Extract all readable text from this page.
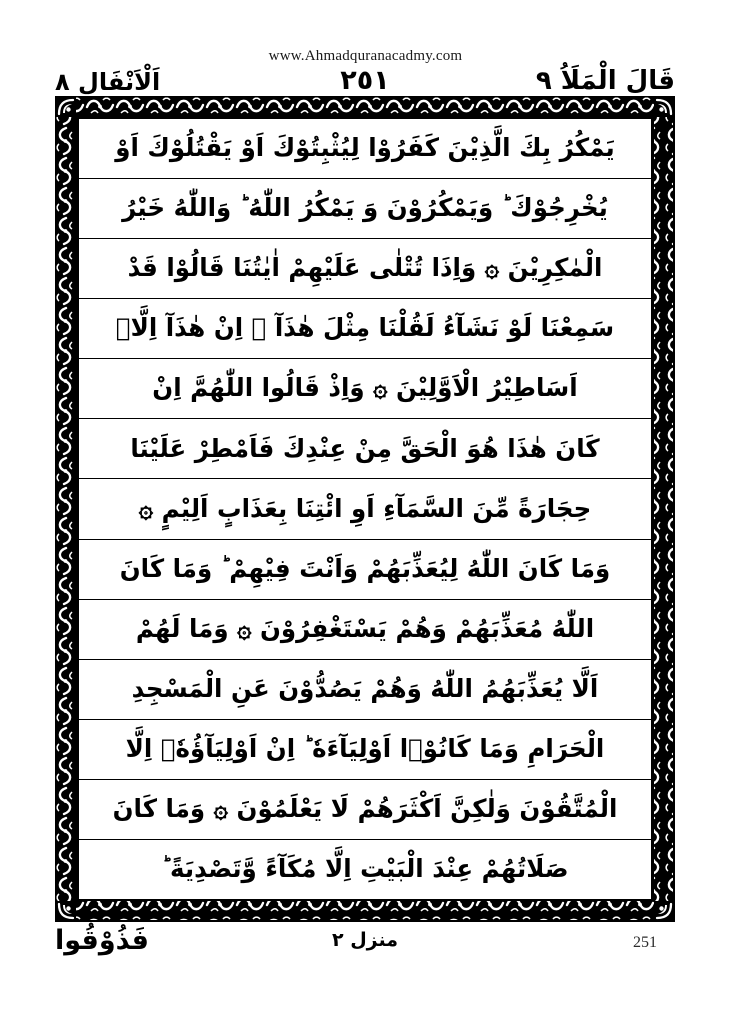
www.Ahmadquranacadmy.com
اَلْاَنْفَال ٨	٢٥١	قَالَ الْمَلَاُ ٩
يَمْكُرُ بِكَ الَّذِيْنَ كَفَرُوْا لِيُثْبِتُوْكَ اَوْ يَقْتُلُوْكَ اَوْ
يُخْرِجُوْكَ ؕ وَيَمْكُرُوْنَ وَ يَمْكُرُ اللّٰهُ ؕ وَاللّٰهُ خَيْرُ
الْمٰكِرِيْنَ ۞ وَاِذَا تُتْلٰى عَلَيْهِمْ اٰيٰتُنَا قَالُوْا قَدْ
سَمِعْنَا لَوْ نَشَآءُ لَقُلْنَا مِثْلَ هٰذَآ ۙ اِنْ هٰذَآ اِلَّاۤ
اَسَاطِيْرُ الْاَوَّلِيْنَ ۞ وَاِذْ قَالُوا اللّٰهُمَّ اِنْ
كَانَ هٰذَا هُوَ الْحَقَّ مِنْ عِنْدِكَ فَاَمْطِرْ عَلَيْنَا
حِجَارَةً مِّنَ السَّمَآءِ اَوِ ائْتِنَا بِعَذَابٍ اَلِيْمٍ ۞
وَمَا كَانَ اللّٰهُ لِيُعَذِّبَهُمْ وَاَنْتَ فِيْهِمْ ؕ وَمَا كَانَ
اللّٰهُ مُعَذِّبَهُمْ وَهُمْ يَسْتَغْفِرُوْنَ ۞ وَمَا لَهُمْ
اَلَّا يُعَذِّبَهُمُ اللّٰهُ وَهُمْ يَصُدُّوْنَ عَنِ الْمَسْجِدِ
الْحَرَامِ وَمَا كَانُوْۤا اَوْلِيَآءَهٗ ؕ اِنْ اَوْلِيَآؤُهٗۤ اِلَّا
الْمُتَّقُوْنَ وَلٰكِنَّ اَكْثَرَهُمْ لَا يَعْلَمُوْنَ ۞ وَمَا كَانَ
صَلَاتُهُمْ عِنْدَ الْبَيْتِ اِلَّا مُكَآءً وَّتَصْدِيَةً ؕ
فَذُوْقُوا	منزل ٢	251
